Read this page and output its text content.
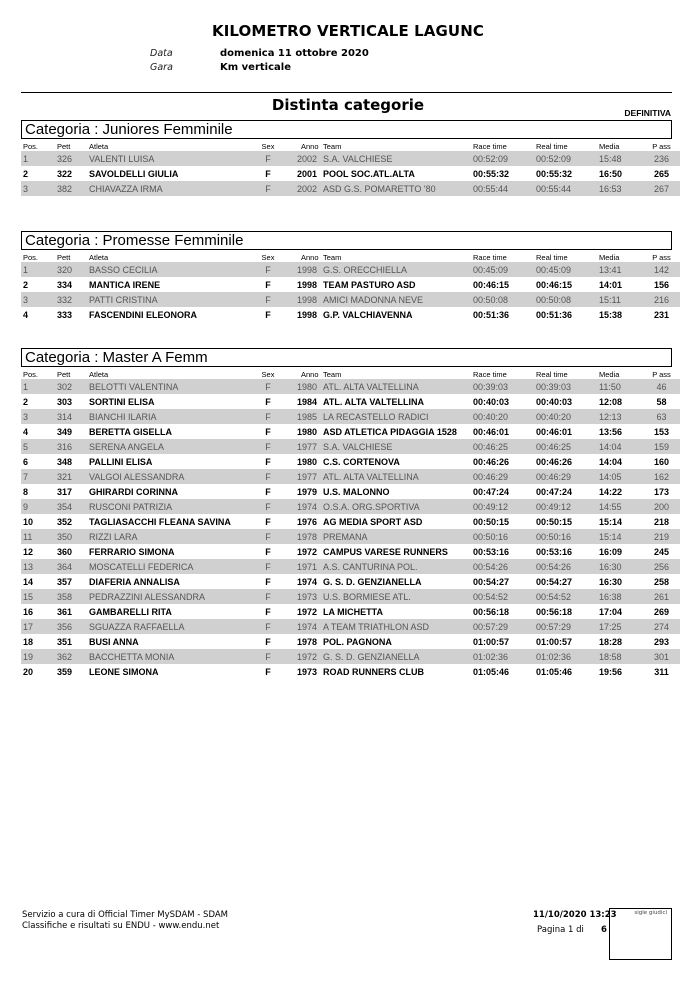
KILOMETRO VERTICALE LAGUNC
Data	domenica 11 ottobre 2020
Gara	Km verticale
Distinta categorie	DEFINITIVA
Categoria : Juniores Femminile
Pos.	Pett	Atleta	Sex	Anno	Team	Race time	Real time	Media	P ass
1	326	VALENTI LUISA	F	2002	S.A. VALCHIESE	00:52:09	00:52:09	15:48	236
2	322	SAVOLDELLI GIULIA	F	2001	POOL SOC.ATL.ALTA	00:55:32	00:55:32	16:50	265
3	382	CHIAVAZZA IRMA	F	2002	ASD G.S. POMARETTO '80	00:55:44	00:55:44	16:53	267
Categoria : Promesse Femminile
Pos.	Pett	Atleta	Sex	Anno	Team	Race time	Real time	Media	P ass
1	320	BASSO CECILIA	F	1998	G.S. ORECCHIELLA	00:45:09	00:45:09	13:41	142
2	334	MANTICA IRENE	F	1998	TEAM PASTURO ASD	00:46:15	00:46:15	14:01	156
3	332	PATTI CRISTINA	F	1998	AMICI MADONNA NEVE	00:50:08	00:50:08	15:11	216
4	333	FASCENDINI ELEONORA	F	1998	G.P. VALCHIAVENNA	00:51:36	00:51:36	15:38	231
Categoria : Master A Femm
Pos.	Pett	Atleta	Sex	Anno	Team	Race time	Real time	Media	P ass
1	302	BELOTTI VALENTINA	F	1980	ATL. ALTA VALTELLINA	00:39:03	00:39:03	11:50	46
2	303	SORTINI ELISA	F	1984	ATL. ALTA VALTELLINA	00:40:03	00:40:03	12:08	58
3	314	BIANCHI ILARIA	F	1985	LA RECASTELLO RADICI	00:40:20	00:40:20	12:13	63
4	349	BERETTA GISELLA	F	1980	ASD ATLETICA PIDAGGIA 1528	00:46:01	00:46:01	13:56	153
5	316	SERENA ANGELA	F	1977	S.A. VALCHIESE	00:46:25	00:46:25	14:04	159
6	348	PALLINI ELISA	F	1980	C.S. CORTENOVA	00:46:26	00:46:26	14:04	160
7	321	VALGOI ALESSANDRA	F	1977	ATL. ALTA VALTELLINA	00:46:29	00:46:29	14:05	162
8	317	GHIRARDI CORINNA	F	1979	U.S. MALONNO	00:47:24	00:47:24	14:22	173
9	354	RUSCONI PATRIZIA	F	1974	O.S.A. ORG.SPORTIVA	00:49:12	00:49:12	14:55	200
10	352	TAGLIASACCHI FLEANA SAVINA	F	1976	AG MEDIA SPORT ASD	00:50:15	00:50:15	15:14	218
11	350	RIZZI LARA	F	1978	PREMANA	00:50:16	00:50:16	15:14	219
12	360	FERRARIO SIMONA	F	1972	CAMPUS VARESE RUNNERS	00:53:16	00:53:16	16:09	245
13	364	MOSCATELLI FEDERICA	F	1971	A.S. CANTURINA POL.	00:54:26	00:54:26	16:30	256
14	357	DIAFERIA ANNALISA	F	1974	G. S. D. GENZIANELLA	00:54:27	00:54:27	16:30	258
15	358	PEDRAZZINI ALESSANDRA	F	1973	U.S. BORMIESE ATL.	00:54:52	00:54:52	16:38	261
16	361	GAMBARELLI RITA	F	1972	LA MICHETTA	00:56:18	00:56:18	17:04	269
17	356	SGUAZZA RAFFAELLA	F	1974	A TEAM TRIATHLON ASD	00:57:29	00:57:29	17:25	274
18	351	BUSI ANNA	F	1978	POL. PAGNONA	01:00:57	01:00:57	18:28	293
19	362	BACCHETTA MONIA	F	1972	G. S. D. GENZIANELLA	01:02:36	01:02:36	18:58	301
20	359	LEONE SIMONA	F	1973	ROAD RUNNERS CLUB	01:05:46	01:05:46	19:56	311
Servizio a cura di Official Timer MySDAM - SDAM
Classifiche e risultati su ENDU - www.endu.net
11/10/2020 13:23
Pagina 1 di 6
sigle giudici
